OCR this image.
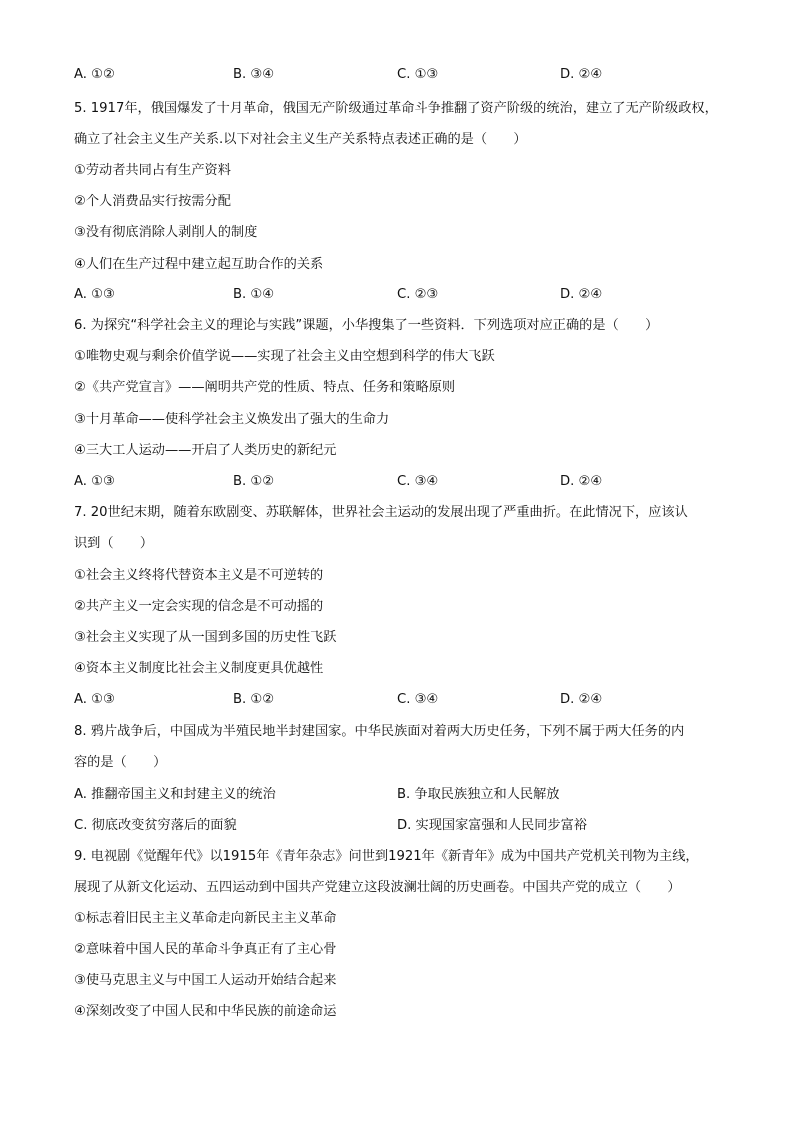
A. ①②	B. ③④	C. ①③	D. ②④
5. 1917年，俄国爆发了十月革命，俄国无产阶级通过革命斗争推翻了资产阶级的统治，建立了无产阶级政权，
确立了社会主义生产关系.以下对社会主义生产关系特点表述正确的是（　　）
①劳动者共同占有生产资料
②个人消费品实行按需分配
③没有彻底消除人剥削人的制度
④人们在生产过程中建立起互助合作的关系
A. ①③	B. ①④	C. ②③	D. ②④
6. 为探究“科学社会主义的理论与实践”课题，小华搜集了一些资料．下列选项对应正确的是（　　）
①唯物史观与剩余价值学说——实现了社会主义由空想到科学的伟大飞跃
②《共产党宣言》——阐明共产党的性质、特点、任务和策略原则
③十月革命——使科学社会主义焕发出了强大的生命力
④三大工人运动——开启了人类历史的新纪元
A. ①③	B. ①②	C. ③④	D. ②④
7. 20世纪末期，随着东欧剧变、苏联解体，世界社会主运动的发展出现了严重曲折。在此情况下，应该认
识到（　　）
①社会主义终将代替资本主义是不可逆转的
②共产主义一定会实现的信念是不可动摇的
③社会主义实现了从一国到多国的历史性飞跃
④资本主义制度比社会主义制度更具优越性
A. ①③	B. ①②	C. ③④	D. ②④
8. 鸦片战争后，中国成为半殖民地半封建国家。中华民族面对着两大历史任务，下列不属于两大任务的内
容的是（　　）
A. 推翻帝国主义和封建主义的统治	B. 争取民族独立和人民解放
C. 彻底改变贫穷落后的面貌	D. 实现国家富强和人民同步富裕
9. 电视剧《觉醒年代》以1915年《青年杂志》问世到1921年《新青年》成为中国共产党机关刊物为主线，
展现了从新文化运动、五四运动到中国共产党建立这段波澜壮阔的历史画卷。中国共产党的成立（　　）
①标志着旧民主主义革命走向新民主主义革命
②意味着中国人民的革命斗争真正有了主心骨
③使马克思主义与中国工人运动开始结合起来
④深刻改变了中国人民和中华民族的前途命运
